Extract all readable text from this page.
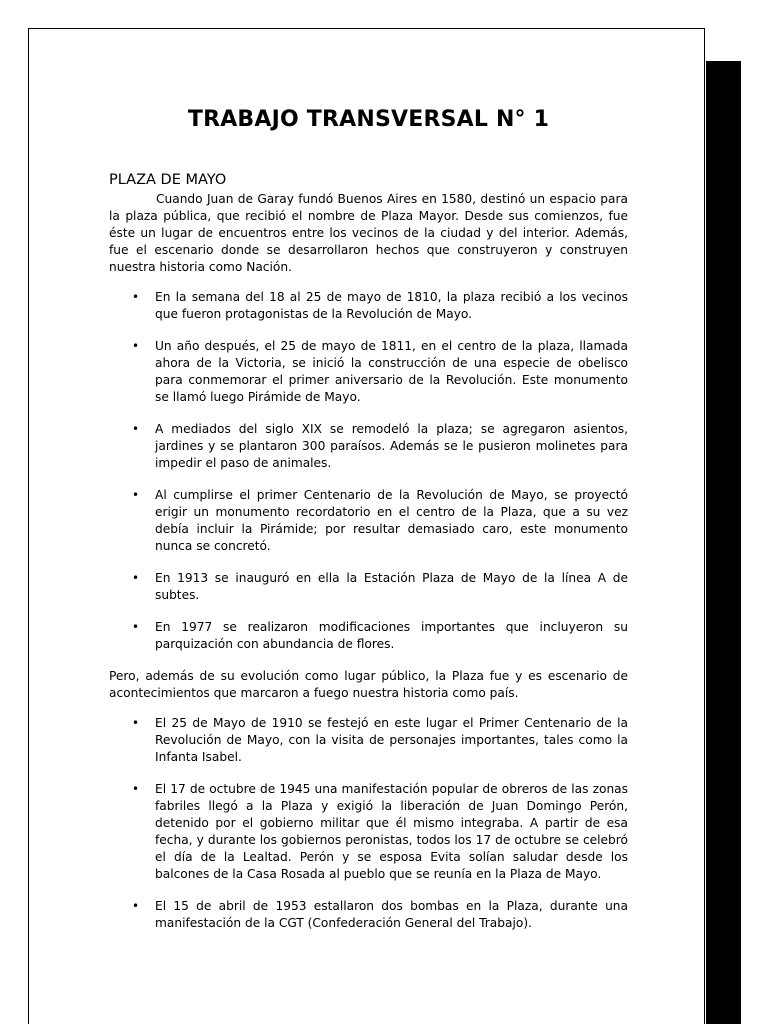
TRABAJO TRANSVERSAL N° 1
PLAZA DE MAYO

Cuando Juan de Garay fundó Buenos Aires en 1580, destinó un espacio para la plaza pública, que recibió el nombre de Plaza Mayor. Desde sus comienzos, fue éste un lugar de encuentros entre los vecinos de la ciudad y del interior. Además, fue el escenario donde se desarrollaron hechos que construyeron y construyen nuestra historia como Nación.

• En la semana del 18 al 25 de mayo de 1810, la plaza recibió a los vecinos que fueron protagonistas de la Revolución de Mayo.
• Un año después, el 25 de mayo de 1811, en el centro de la plaza, llamada ahora de la Victoria, se inició la construcción de una especie de obelisco para conmemorar el primer aniversario de la Revolución. Este monumento se llamó luego Pirámide de Mayo.
• A mediados del siglo XIX se remodeló la plaza; se agregaron asientos, jardines y se plantaron 300 paraísos. Además se le pusieron molinetes para impedir el paso de animales.
• Al cumplirse el primer Centenario de la Revolución de Mayo, se proyectó erigir un monumento recordatorio en el centro de la Plaza, que a su vez debía incluir la Pirámide; por resultar demasiado caro, este monumento nunca se concretó.
• En 1913 se inauguró en ella la Estación Plaza de Mayo de la línea A de subtes.
• En 1977 se realizaron modificaciones importantes que incluyeron su parquización con abundancia de flores.

Pero, además de su evolución como lugar público, la Plaza fue y es escenario de acontecimientos que marcaron a fuego nuestra historia como país.

• El 25 de Mayo de 1910 se festejó en este lugar el Primer Centenario de la Revolución de Mayo, con la visita de personajes importantes, tales como la Infanta Isabel.
• El 17 de octubre de 1945 una manifestación popular de obreros de las zonas fabriles llegó a la Plaza y exigió la liberación de Juan Domingo Perón, detenido por el gobierno militar que él mismo integraba. A partir de esa fecha, y durante los gobiernos peronistas, todos los 17 de octubre se celebró el día de la Lealtad. Perón y se esposa Evita solían saludar desde los balcones de la Casa Rosada al pueblo que se reunía en la Plaza de Mayo.
• El 15 de abril de 1953 estallaron dos bombas en la Plaza, durante una manifestación de la CGT (Confederación General del Trabajo).
